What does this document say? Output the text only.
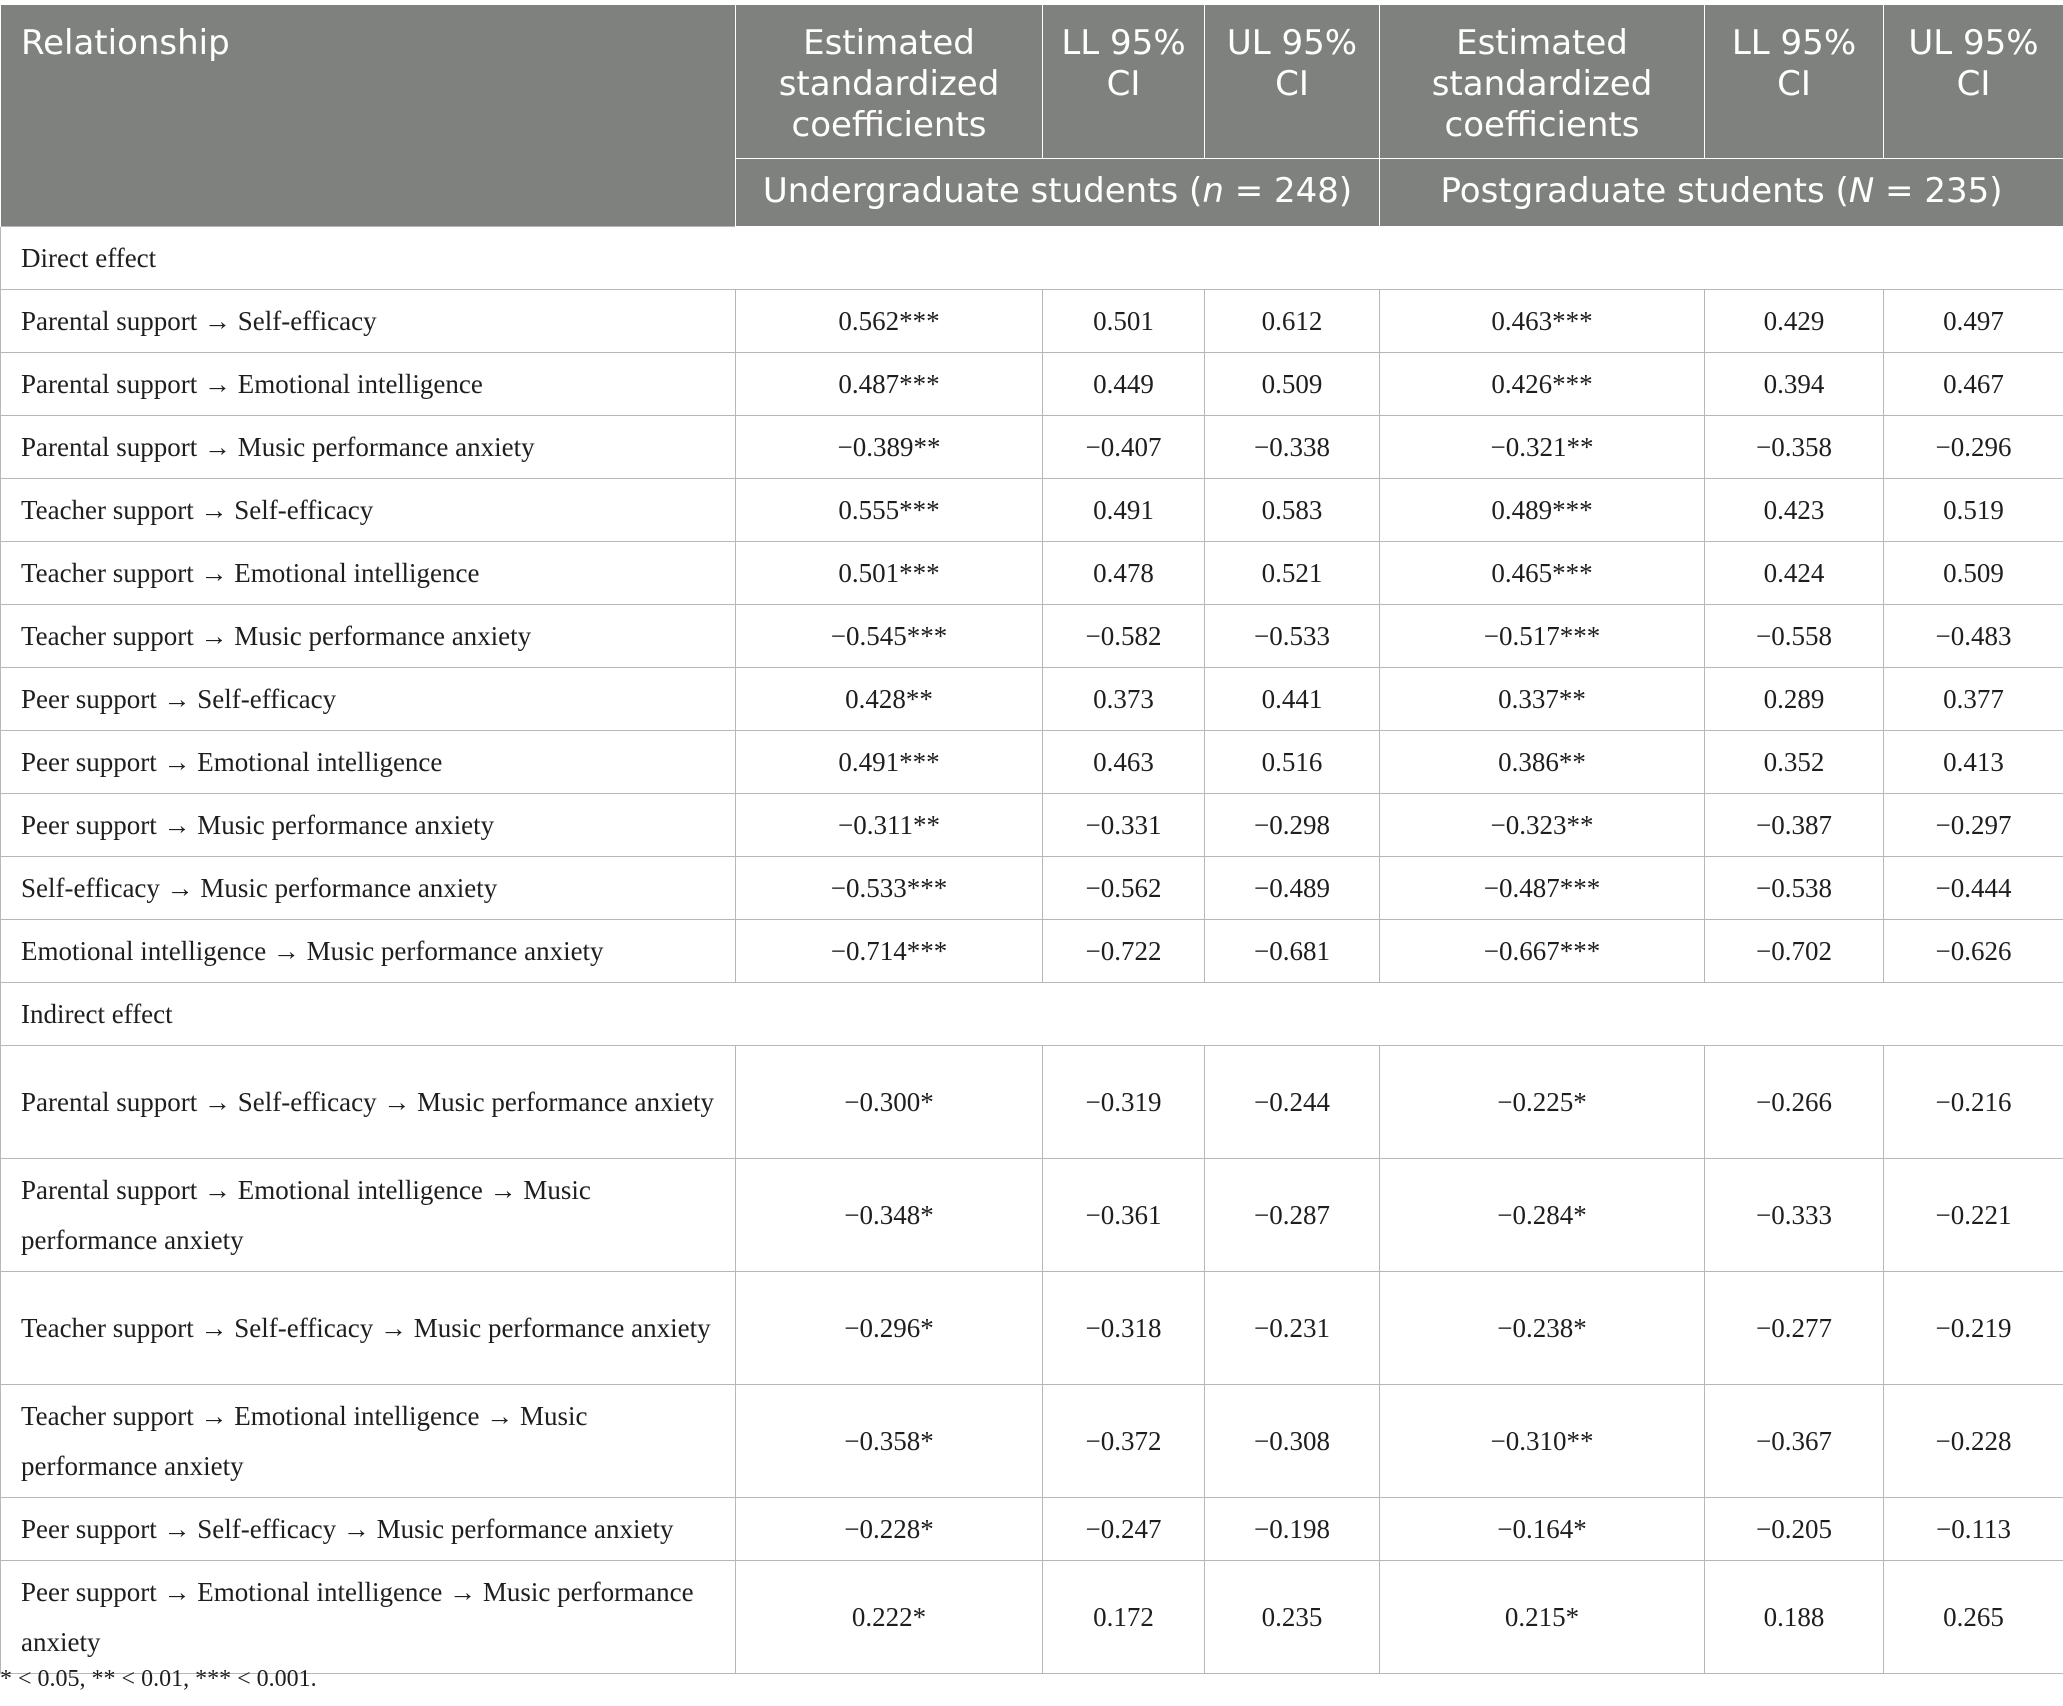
Relationship	Estimated standardized coefficients	LL 95% CI	UL 95% CI	Estimated standardized coefficients	LL 95% CI	UL 95% CI
	Undergraduate students (n = 248)			Postgraduate students (N = 235)		
Direct effect						
Parental support → Self-efficacy	0.562***	0.501	0.612	0.463***	0.429	0.497
Parental support → Emotional intelligence	0.487***	0.449	0.509	0.426***	0.394	0.467
Parental support → Music performance anxiety	−0.389**	−0.407	−0.338	−0.321**	−0.358	−0.296
Teacher support → Self-efficacy	0.555***	0.491	0.583	0.489***	0.423	0.519
Teacher support → Emotional intelligence	0.501***	0.478	0.521	0.465***	0.424	0.509
Teacher support → Music performance anxiety	−0.545***	−0.582	−0.533	−0.517***	−0.558	−0.483
Peer support → Self-efficacy	0.428**	0.373	0.441	0.337**	0.289	0.377
Peer support → Emotional intelligence	0.491***	0.463	0.516	0.386**	0.352	0.413
Peer support → Music performance anxiety	−0.311**	−0.331	−0.298	−0.323**	−0.387	−0.297
Self-efficacy → Music performance anxiety	−0.533***	−0.562	−0.489	−0.487***	−0.538	−0.444
Emotional intelligence → Music performance anxiety	−0.714***	−0.722	−0.681	−0.667***	−0.702	−0.626
Indirect effect						
Parental support → Self-efficacy → Music performance anxiety	−0.300*	−0.319	−0.244	−0.225*	−0.266	−0.216
Parental support → Emotional intelligence → Music performance anxiety	−0.348*	−0.361	−0.287	−0.284*	−0.333	−0.221
Teacher support → Self-efficacy → Music performance anxiety	−0.296*	−0.318	−0.231	−0.238*	−0.277	−0.219
Teacher support → Emotional intelligence → Music performance anxiety	−0.358*	−0.372	−0.308	−0.310**	−0.367	−0.228
Peer support → Self-efficacy → Music performance anxiety	−0.228*	−0.247	−0.198	−0.164*	−0.205	−0.113
Peer support → Emotional intelligence → Music performance anxiety	0.222*	0.172	0.235	0.215*	0.188	0.265
* < 0.05, ** < 0.01, *** < 0.001.
